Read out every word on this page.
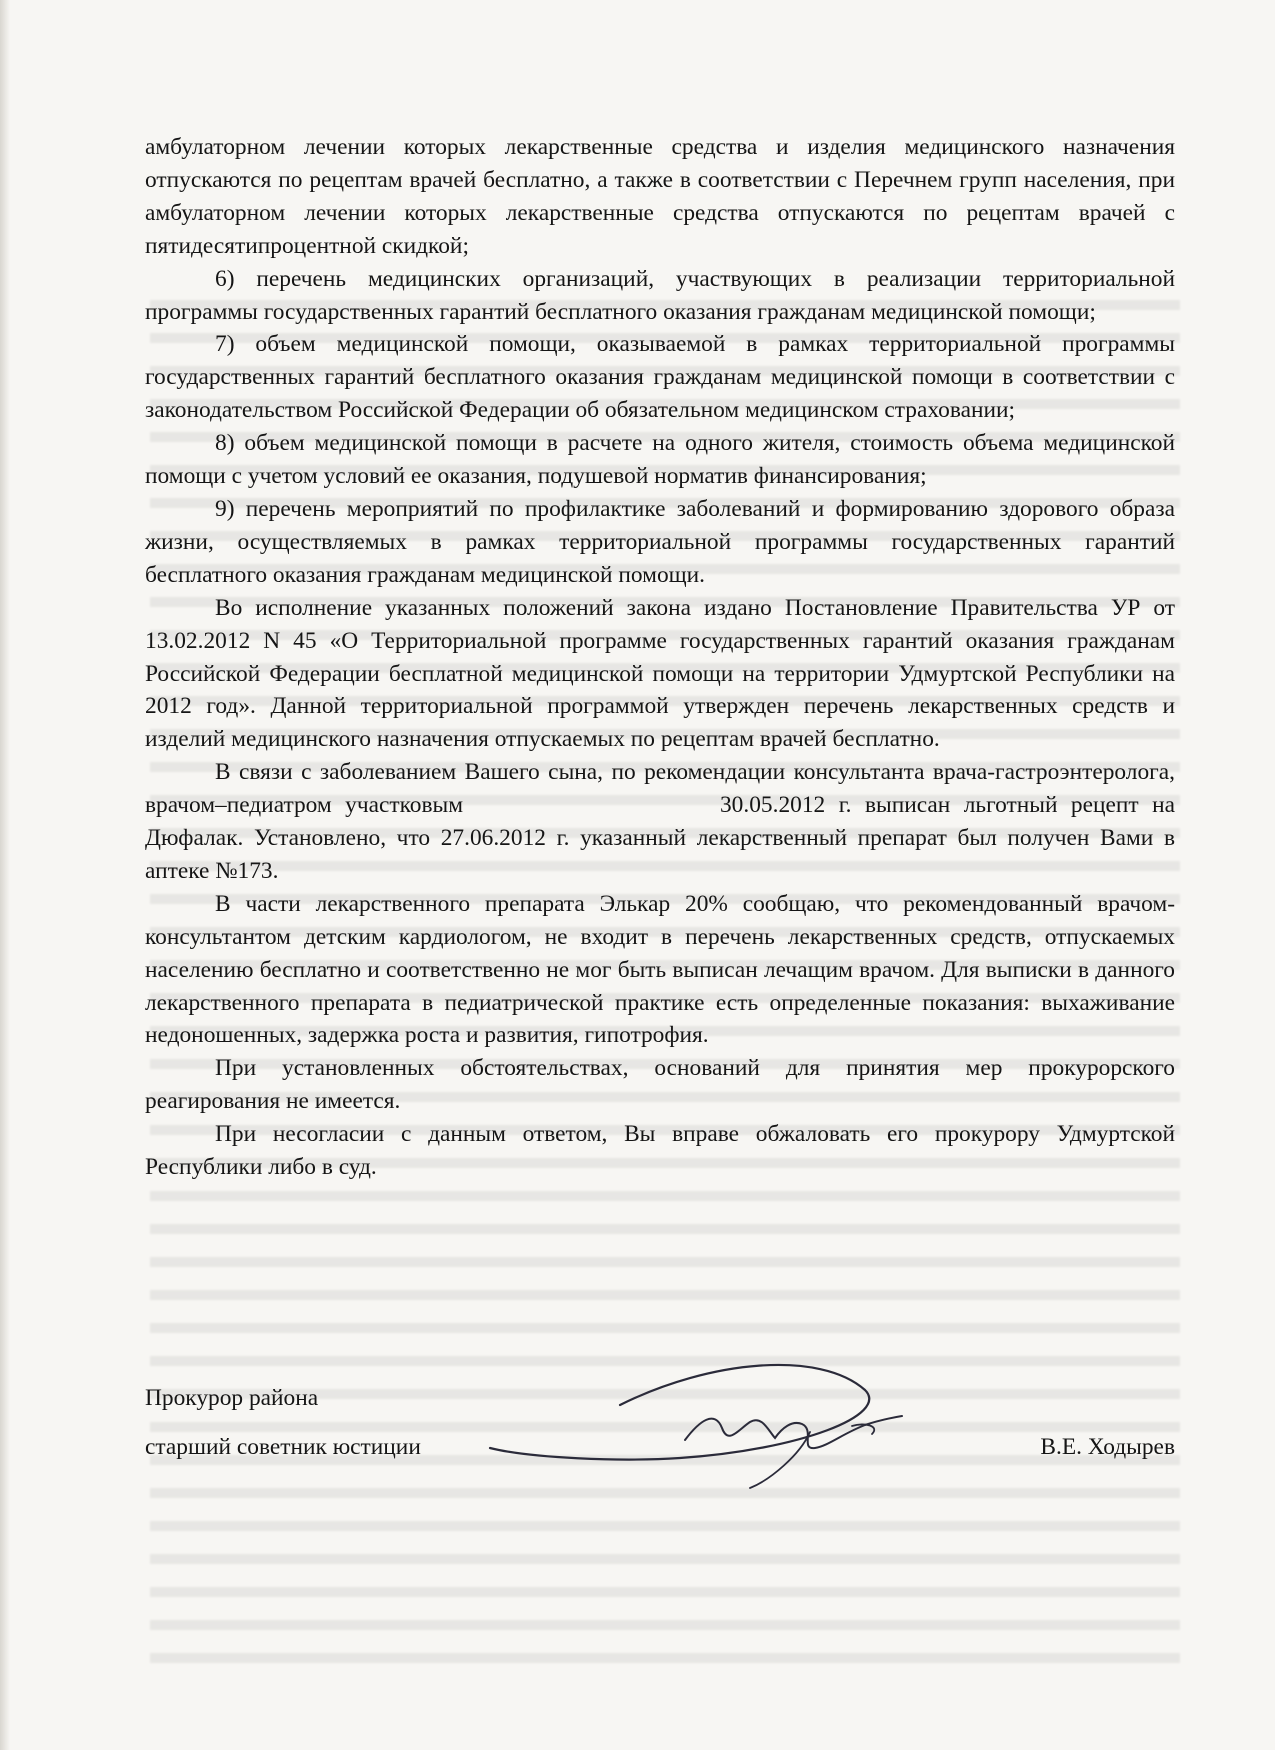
амбулаторном лечении которых лекарственные средства и изделия медицинского назначения отпускаются по рецептам врачей бесплатно, а также в соответствии с Перечнем групп населения, при амбулаторном лечении которых лекарственные средства отпускаются по рецептам врачей с пятидесятипроцентной скидкой;

6) перечень медицинских организаций, участвующих в реализации территориальной программы государственных гарантий бесплатного оказания гражданам медицинской помощи;

7) объем медицинской помощи, оказываемой в рамках территориальной программы государственных гарантий бесплатного оказания гражданам медицинской помощи в соответствии с законодательством Российской Федерации об обязательном медицинском страховании;

8) объем медицинской помощи в расчете на одного жителя, стоимость объема медицинской помощи с учетом условий ее оказания, подушевой норматив финансирования;

9) перечень мероприятий по профилактике заболеваний и формированию здорового образа жизни, осуществляемых в рамках территориальной программы государственных гарантий бесплатного оказания гражданам медицинской помощи.

Во исполнение указанных положений закона издано Постановление Правительства УР от 13.02.2012 N 45 «О Территориальной программе государственных гарантий оказания гражданам Российской Федерации бесплатной медицинской помощи на территории Удмуртской Республики на 2012 год». Данной территориальной программой утвержден перечень лекарственных средств и изделий медицинского назначения отпускаемых по рецептам врачей бесплатно.

В связи с заболеванием Вашего сына, по рекомендации консультанта врача-гастроэнтеролога, врачом–педиатром участковым	30.05.2012 г. выписан льготный рецепт на Дюфалак. Установлено, что 27.06.2012 г. указанный лекарственный препарат был получен Вами в аптеке №173.

В части лекарственного препарата Элькар 20% сообщаю, что рекомендованный врачом-консультантом детским кардиологом, не входит в перечень лекарственных средств, отпускаемых населению бесплатно и соответственно не мог быть выписан лечащим врачом. Для выписки в данного лекарственного препарата в педиатрической практике есть определенные показания: выхаживание недоношенных, задержка роста и развития, гипотрофия.

При установленных обстоятельствах, оснований для принятия мер прокурорского реагирования не имеется.

При несогласии с данным ответом, Вы вправе обжаловать его прокурору Удмуртской Республики либо в суд.

Прокурор района
старший советник юстиции	В.Е. Ходырев
